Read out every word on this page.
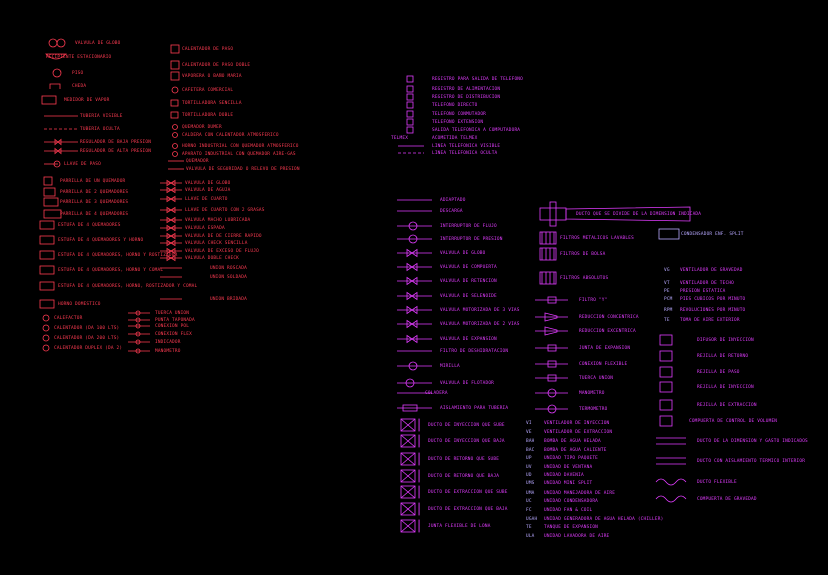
VALVULA DE GLOBO
RECIPIENTE ESTACIONARIO
PISO
CHEDA
MEDIDOR DE VAPOR
TUBERIA VISIBLE
TUBERIA OCULTA
REGULADOR DE BAJA PRESION
REGULADOR DE ALTA PRESION
LLAVE DE PASO
CALENTADOR DE PASO
CALENTADOR DE PASO DOBLE
VAPORERA O BAÑO MARIA
CAFETERA COMERCIAL
TORTILLADORA SENCILLA
TORTILLADORA DOBLE
QUEMADOR DUMER
CALDERA CON CALENTADOR ATMOSFERICO
HORNO INDUSTRIAL CON QUEMADOR ATMOSFERICO
APARATO INDUSTRIAL CON QUEMADOR AIRE-GAS
QUEMADOR
VALVULA DE SEGURIDAD O RELEVO DE PRESION
PARRILLA DE UN QUEMADOR
PARRILLA DE 2 QUEMADORES
PARRILLA DE 3 QUEMADORES
PARRILLA DE 4 QUEMADORES
ESTUFA DE 4 QUEMADORES
ESTUFA DE 4 QUEMADORES Y HORNO
ESTUFA DE 4 QUEMADORES, HORNO Y ROSTIZADOR
ESTUFA DE 4 QUEMADORES, HORNO Y COMAL
ESTUFA DE 4 QUEMADORES, HORNO, ROSTIZADOR Y COMAL
HORNO DOMESTICO
CALEFACTOR
CALENTADOR (DA 100 LTS)
CALENTADOR (DA 200 LTS)
CALENTADOR DUPLEX (DA 2)
VALVULA DE GLOBO
VALVULA DE AGUJA
LLAVE DE CUARTO
LLAVE DE CUARTO CON 2 GRASAS
VALVULA MACHO LUBRICADA
VALVULA ESPADA
VALVULA DE DE CIERRE RAPIDO
VALVULA CHECK SENCILLA
VALVULA DE EXCESO DE FLUJO
VALVULA DOBLE CHECK
UNION BRIDADA
UNION ROSCADA
UNION SOLDADA
TUERCA UNION
PUNTA TAPONADA
CONEXION POL
CONEXION FLEX
INDICADOR
MANOMETRO
REGISTRO PARA SALIDA DE TELEFONO
REGISTRO DE ALIMENTACION
REGISTRO DE DISTRIBUCION
TELEFONO DIRECTO
TELEFONO CONMUTADOR
TELEFONO EXTENSION
SALIDA TELEFONICA A COMPUTADORA
TELMEX	ACOMETIDA TELMEX
LINEA TELEFONICA VISIBLE
LINEA TELEFONICA OCULTA
ADIAPTADO
DESCARGA
INTERRUPTOR DE FLUJO
INTERRUPTOR DE PRESION
VALVULA DE GLOBO
VALVULA DE COMPUERTA
VALVULA DE RETENCION
VALVULA DE SELENOIDE
VALVULA MOTORIZADA DE 3 VIAS
VALVULA MOTORIZADA DE 2 VIAS
VALVULA DE EXPANSION
FILTRO DE DESHIDRATACION
MIRILLA
VALVULA DE FLOTADOR
COLADERA
AISLAMIENTO PARA TUBERIA
FILTRO "Y"
REDUCCION CONCENTRICA
REDUCCION EXCENTRICA
JUNTA DE EXPANSION
CONEXION FLEXIBLE
TUERCA UNION
MANOMETRO
TERMOMETRO
DUCTO QUE SE DIVIDE DE LA DIMENSION INDICADA
FILTROS METALICOS LAVABLES
FILTROS DE BOLSA
FILTROS ABSOLUTOS
CONDENSADOR ENF. SPLIT
VG VENTILADOR DE GRAVEDAD
VT VENTILADOR DE TECHO
PE PRESION ESTATICA
PCM PIES CUBICOS POR MINUTO
RPM REVOLUCIONES POR MINUTO
TE TOMA DE AIRE EXTERIOR
DIFUSOR DE INYECCION
REJILLA DE RETORNO
REJILLA DE PASO
REJILLA DE INYECCION
REJILLA DE EXTRACCION
COMPUERTA DE CONTROL DE VOLUMEN
DUCTO DE LA DIMENSION Y GASTO INDICADOS
DUCTO CON AISLAMIENTO TERMICO INTERIOR
DUCTO FLEXIBLE
COMPUERTA DE GRAVEDAD
DUCTO DE INYECCION QUE SUBE
DUCTO DE INYECCION QUE BAJA
DUCTO DE RETORNO QUE SUBE
DUCTO DE RETORNO QUE BAJA
DUCTO DE EXTRACCION QUE SUBE
DUCTO DE EXTRACCION QUE BAJA
JUNTA FLEXIBLE DE LONA
VI	VENTILADOR DE INYECCION
VE	VENTILADOR DE EXTRACCION
BAH BOMBA DE AGUA HELADA
BAC BOMBA DE AGUA CALIENTE
UP	UNIDAD TIPO PAQUETE
UV	UNIDAD DE VENTANA
UD	UNIDAD DAVENIA
UMS UNIDAD MINI SPLIT
UMA UNIDAD MANEJADORA DE AIRE
UC	UNIDAD CONDENSADORA
FC	UNIDAD FAN & COIL
UGAH UNIDAD GENERADORA DE AGUA HELADA (CHILLER)
TE	TANQUE DE EXPANSION
ULA UNIDAD LAVADORA DE AIRE
